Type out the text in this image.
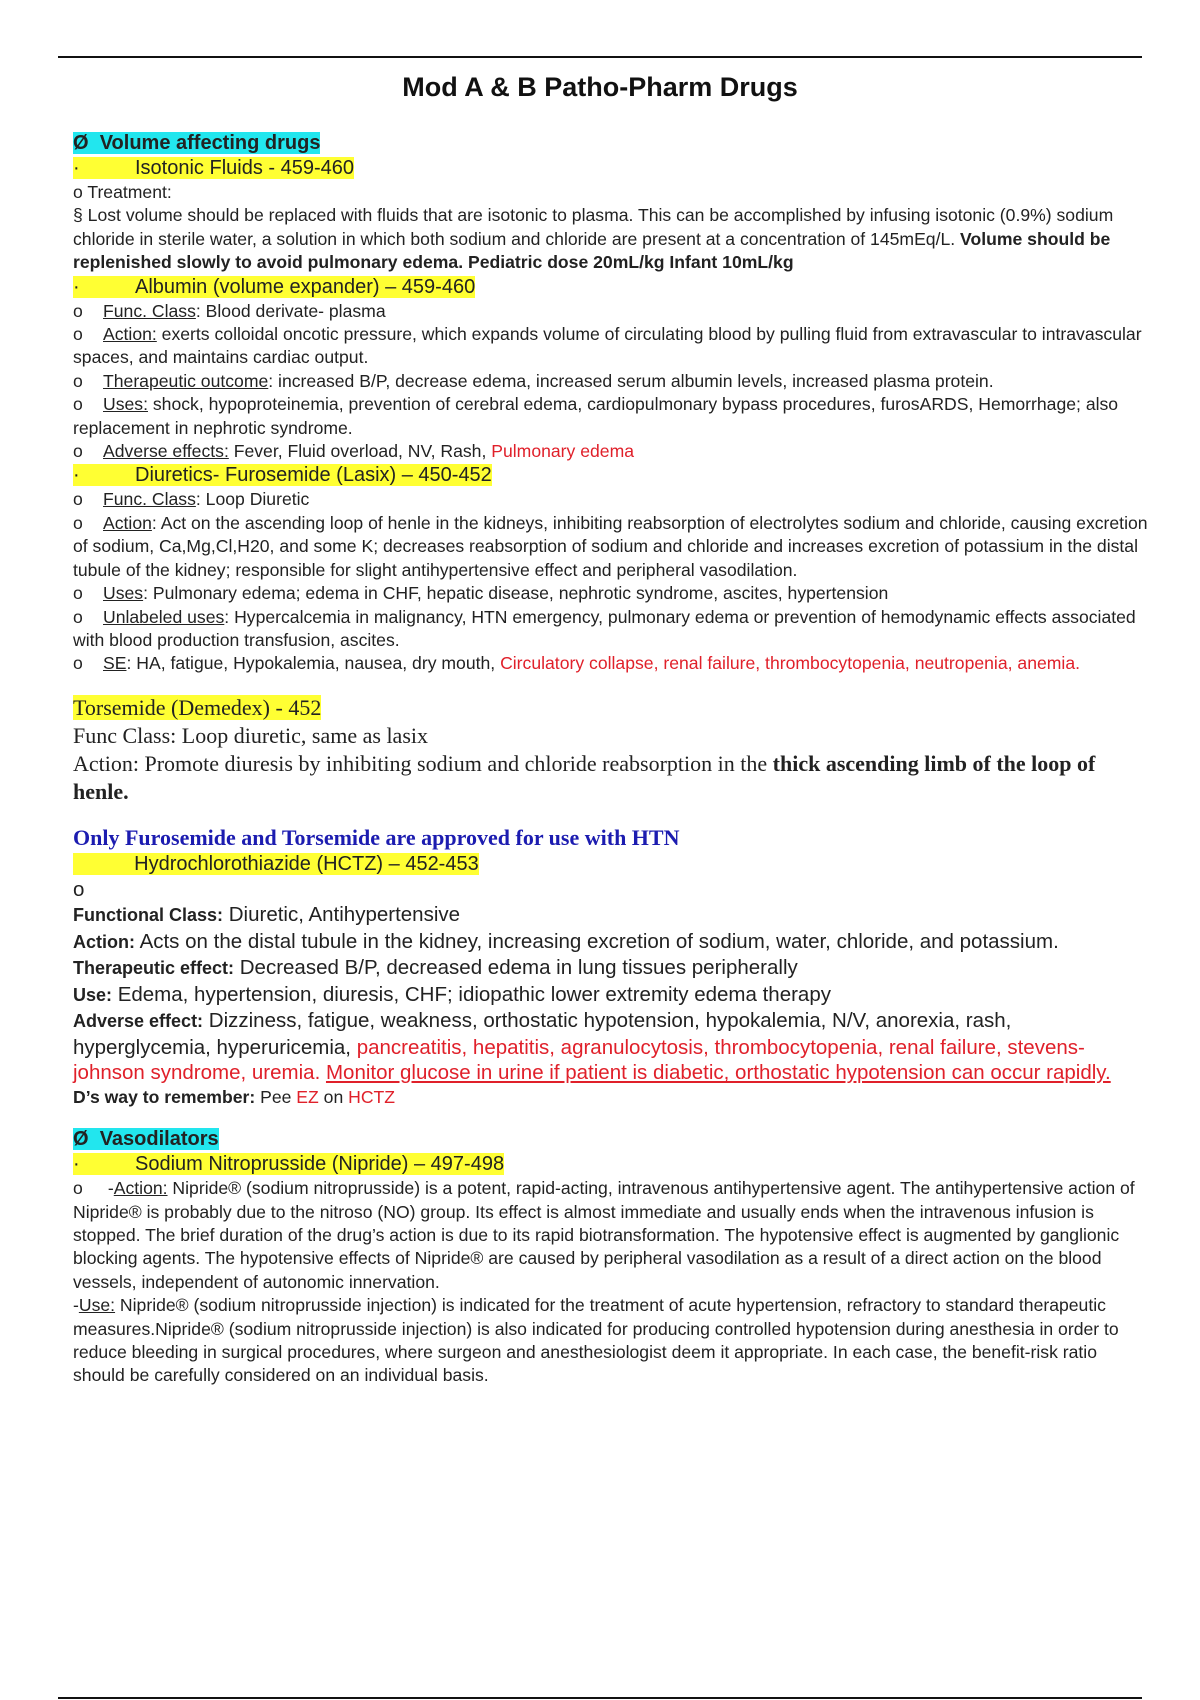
Mod A & B Patho-Pharm Drugs

Ø Volume affecting drugs

·	Isotonic Fluids - 459-460

o Treatment:

§ Lost volume should be replaced with fluids that are isotonic to plasma. This can be accomplished by infusing isotonic (0.9%) sodium chloride in sterile water, a solution in which both sodium and chloride are present at a concentration of 145mEq/L. Volume should be replenished slowly to avoid pulmonary edema. Pediatric dose 20mL/kg Infant 10mL/kg

·	Albumin (volume expander) – 459-460

o Func. Class: Blood derivate- plasma

o Action: exerts colloidal oncotic pressure, which expands volume of circulating blood by pulling fluid from extravascular to intravascular spaces, and maintains cardiac output.

o Therapeutic outcome: increased B/P, decrease edema, increased serum albumin levels, increased plasma protein.

o Uses: shock, hypoproteinemia, prevention of cerebral edema, cardiopulmonary bypass procedures, furosARDS, Hemorrhage; also replacement in nephrotic syndrome.

o Adverse effects: Fever, Fluid overload, NV, Rash, Pulmonary edema

·	Diuretics- Furosemide (Lasix) – 450-452

o Func. Class: Loop Diuretic

o Action: Act on the ascending loop of henle in the kidneys, inhibiting reabsorption of electrolytes sodium and chloride, causing excretion of sodium, Ca,Mg,Cl,H20, and some K; decreases reabsorption of sodium and chloride and increases excretion of potassium in the distal tubule of the kidney; responsible for slight antihypertensive effect and peripheral vasodilation.

o Uses: Pulmonary edema; edema in CHF, hepatic disease, nephrotic syndrome, ascites, hypertension

o Unlabeled uses: Hypercalcemia in malignancy, HTN emergency, pulmonary edema or prevention of hemodynamic effects associated with blood production transfusion, ascites.

o SE: HA, fatigue, Hypokalemia, nausea, dry mouth, Circulatory collapse, renal failure, thrombocytopenia, neutropenia, anemia.

Torsemide (Demedex) - 452

Func Class: Loop diuretic, same as lasix

Action: Promote diuresis by inhibiting sodium and chloride reabsorption in the thick ascending limb of the loop of henle.

Only Furosemide and Torsemide are approved for use with HTN

Hydrochlorothiazide (HCTZ) – 452-453

o

Functional Class: Diuretic, Antihypertensive

Action: Acts on the distal tubule in the kidney, increasing excretion of sodium, water, chloride, and potassium.

Therapeutic effect: Decreased B/P, decreased edema in lung tissues peripherally

Use: Edema, hypertension, diuresis, CHF; idiopathic lower extremity edema therapy

Adverse effect: Dizziness, fatigue, weakness, orthostatic hypotension, hypokalemia, N/V, anorexia, rash, hyperglycemia, hyperuricemia, pancreatitis, hepatitis, agranulocytosis, thrombocytopenia, renal failure, stevens-johnson syndrome, uremia. Monitor glucose in urine if patient is diabetic, orthostatic hypotension can occur rapidly.

D’s way to remember: Pee EZ on HCTZ

Ø Vasodilators

·	Sodium Nitroprusside (Nipride) – 497-498

o -Action: Nipride® (sodium nitroprusside) is a potent, rapid-acting, intravenous antihypertensive agent. The antihypertensive action of Nipride® is probably due to the nitroso (NO) group. Its effect is almost immediate and usually ends when the intravenous infusion is stopped. The brief duration of the drug’s action is due to its rapid biotransformation. The hypotensive effect is augmented by ganglionic blocking agents. The hypotensive effects of Nipride® are caused by peripheral vasodilation as a result of a direct action on the blood vessels, independent of autonomic innervation.

-Use: Nipride® (sodium nitroprusside injection) is indicated for the treatment of acute hypertension, refractory to standard therapeutic measures.Nipride® (sodium nitroprusside injection) is also indicated for producing controlled hypotension during anesthesia in order to reduce bleeding in surgical procedures, where surgeon and anesthesiologist deem it appropriate. In each case, the benefit-risk ratio should be carefully considered on an individual basis.
